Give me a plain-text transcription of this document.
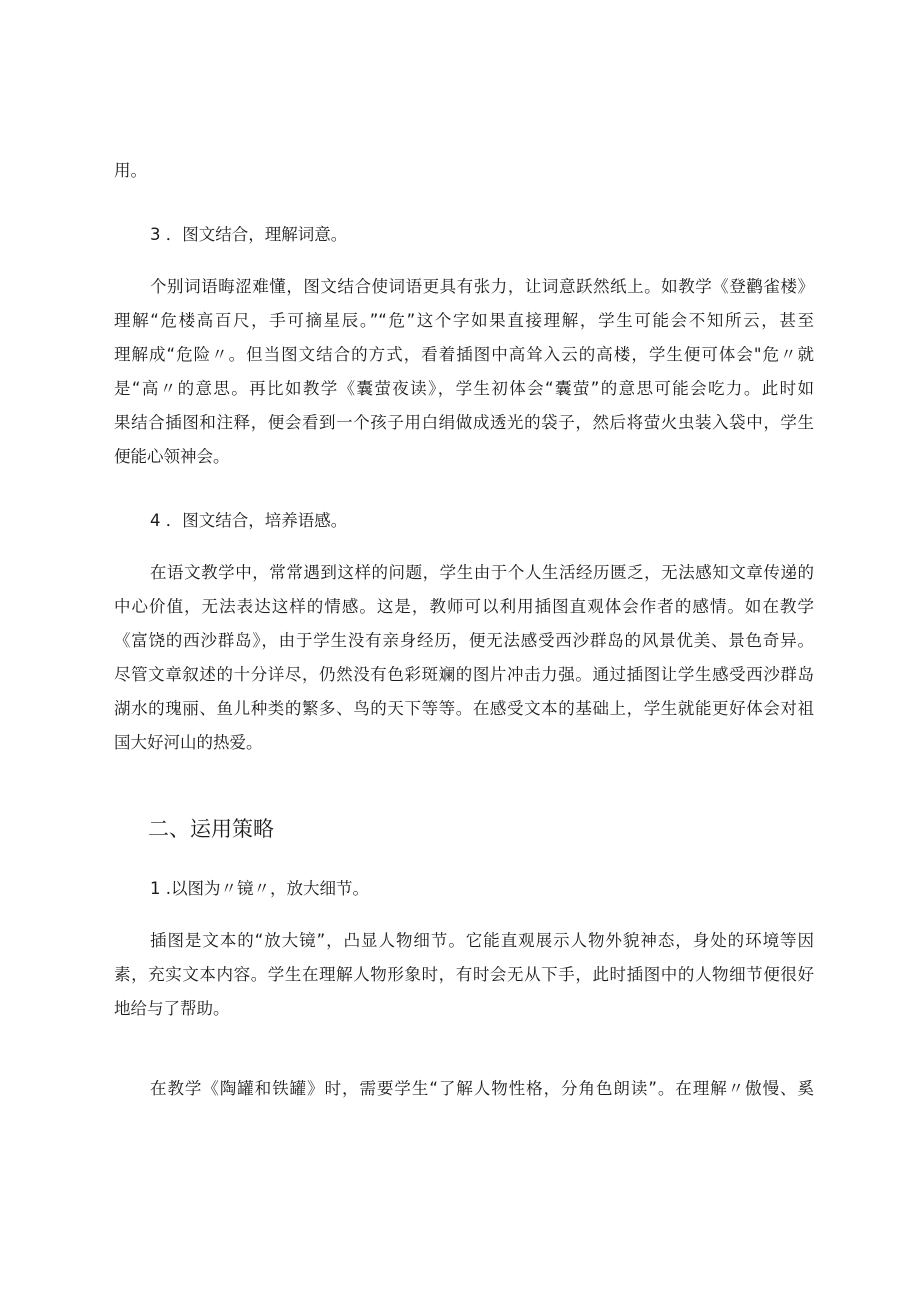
用。
3 ．图文结合，理解词意。
个别词语晦涩难懂，图文结合使词语更具有张力，让词意跃然纸上。如教学《登鹳雀楼》
理解“危楼高百尺，手可摘星辰。”“危”这个字如果直接理解，学生可能会不知所云，甚至
理解成“危险〃。但当图文结合的方式，看着插图中高耸入云的高楼，学生便可体会"危〃就
是“高〃的意思。再比如教学《囊萤夜读》，学生初体会“囊萤”的意思可能会吃力。此时如
果结合插图和注释，便会看到一个孩子用白绢做成透光的袋子，然后将萤火虫装入袋中，学生
便能心领神会。
4 ．图文结合，培养语感。
在语文教学中，常常遇到这样的问题，学生由于个人生活经历匮乏，无法感知文章传递的
中心价值，无法表达这样的情感。这是，教师可以利用插图直观体会作者的感情。如在教学
《富饶的西沙群岛》，由于学生没有亲身经历，便无法感受西沙群岛的风景优美、景色奇异。
尽管文章叙述的十分详尽，仍然没有色彩斑斓的图片冲击力强。通过插图让学生感受西沙群岛
湖水的瑰丽、鱼儿种类的繁多、鸟的天下等等。在感受文本的基础上，学生就能更好体会对祖
国大好河山的热爱。
二、运用策略
1 .以图为〃镜〃，放大细节。
插图是文本的“放大镜”，凸显人物细节。它能直观展示人物外貌神态，身处的环境等因
素，充实文本内容。学生在理解人物形象时，有时会无从下手，此时插图中的人物细节便很好
地给与了帮助。
在教学《陶罐和铁罐》时，需要学生“了解人物性格，分角色朗读”。在理解〃傲慢、奚
